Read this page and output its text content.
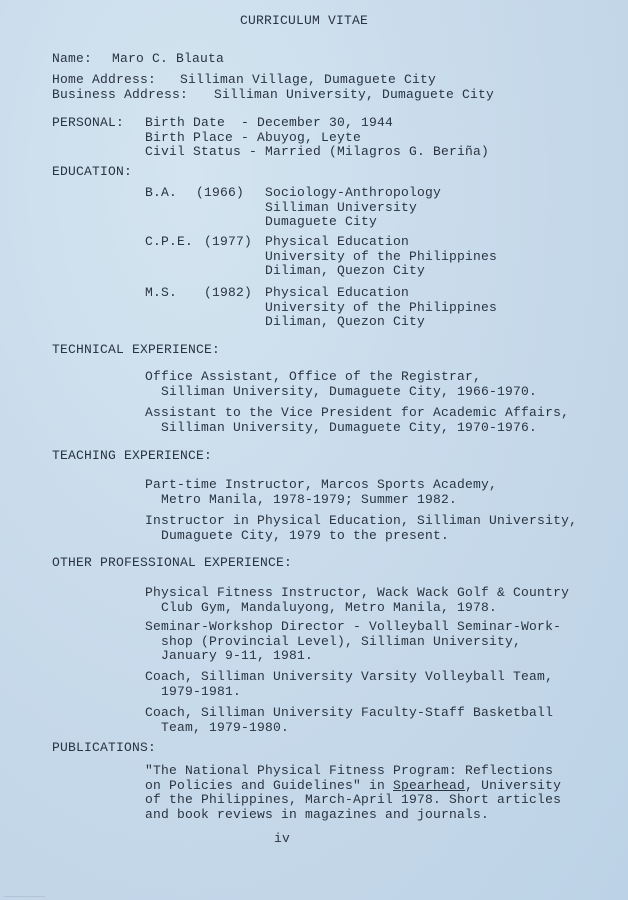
CURRICULUM VITAE
Name: Maro C. Blauta
Home Address: Silliman Village, Dumaguete City
Business Address: Silliman University, Dumaguete City
PERSONAL: Birth Date  - December 30, 1944
Birth Place - Abuyog, Leyte
Civil Status - Married (Milagros G. Beriña)
EDUCATION:
B.A. (1966) Sociology-Anthropology
Silliman University
Dumaguete City
C.P.E. (1977) Physical Education
University of the Philippines
Diliman, Quezon City
M.S. (1982) Physical Education
University of the Philippines
Diliman, Quezon City
TECHNICAL EXPERIENCE:
Office Assistant, Office of the Registrar,
Silliman University, Dumaguete City, 1966-1970.
Assistant to the Vice President for Academic Affairs,
Silliman University, Dumaguete City, 1970-1976.
TEACHING EXPERIENCE:
Part-time Instructor, Marcos Sports Academy,
Metro Manila, 1978-1979; Summer 1982.
Instructor in Physical Education, Silliman University,
Dumaguete City, 1979 to the present.
OTHER PROFESSIONAL EXPERIENCE:
Physical Fitness Instructor, Wack Wack Golf & Country
Club Gym, Mandaluyong, Metro Manila, 1978.
Seminar-Workshop Director - Volleyball Seminar-Work-
shop (Provincial Level), Silliman University,
January 9-11, 1981.
Coach, Silliman University Varsity Volleyball Team,
1979-1981.
Coach, Silliman University Faculty-Staff Basketball
Team, 1979-1980.
PUBLICATIONS:
"The National Physical Fitness Program: Reflections
on Policies and Guidelines" in Spearhead, University
of the Philippines, March-April 1978. Short articles
and book reviews in magazines and journals.
iv
...........................................
